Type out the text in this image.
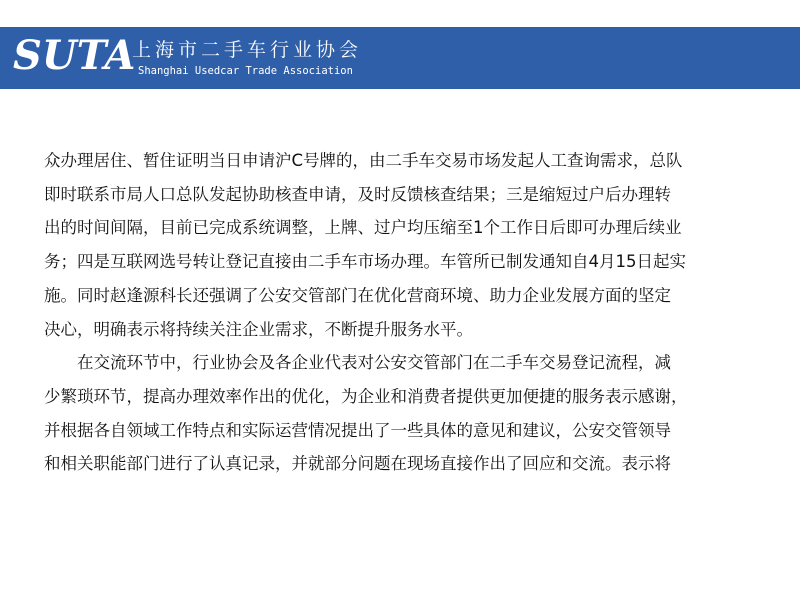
SUTA
上海市二手车行业协会
Shanghai Usedcar Trade Association

众办理居住、暂住证明当日申请沪C号牌的，由二手车交易市场发起人工查询需求，总队

即时联系市局人口总队发起协助核查申请，及时反馈核查结果；三是缩短过户后办理转

出的时间间隔，目前已完成系统调整，上牌、过户均压缩至1个工作日后即可办理后续业

务；四是互联网选号转让登记直接由二手车市场办理。车管所已制发通知自4月15日起实

施。同时赵逢源科长还强调了公安交管部门在优化营商环境、助力企业发展方面的坚定

决心，明确表示将持续关注企业需求，不断提升服务水平。

在交流环节中，行业协会及各企业代表对公安交管部门在二手车交易登记流程，减

少繁琐环节，提高办理效率作出的优化，为企业和消费者提供更加便捷的服务表示感谢，

并根据各自领域工作特点和实际运营情况提出了一些具体的意见和建议，公安交管领导

和相关职能部门进行了认真记录，并就部分问题在现场直接作出了回应和交流。表示将
